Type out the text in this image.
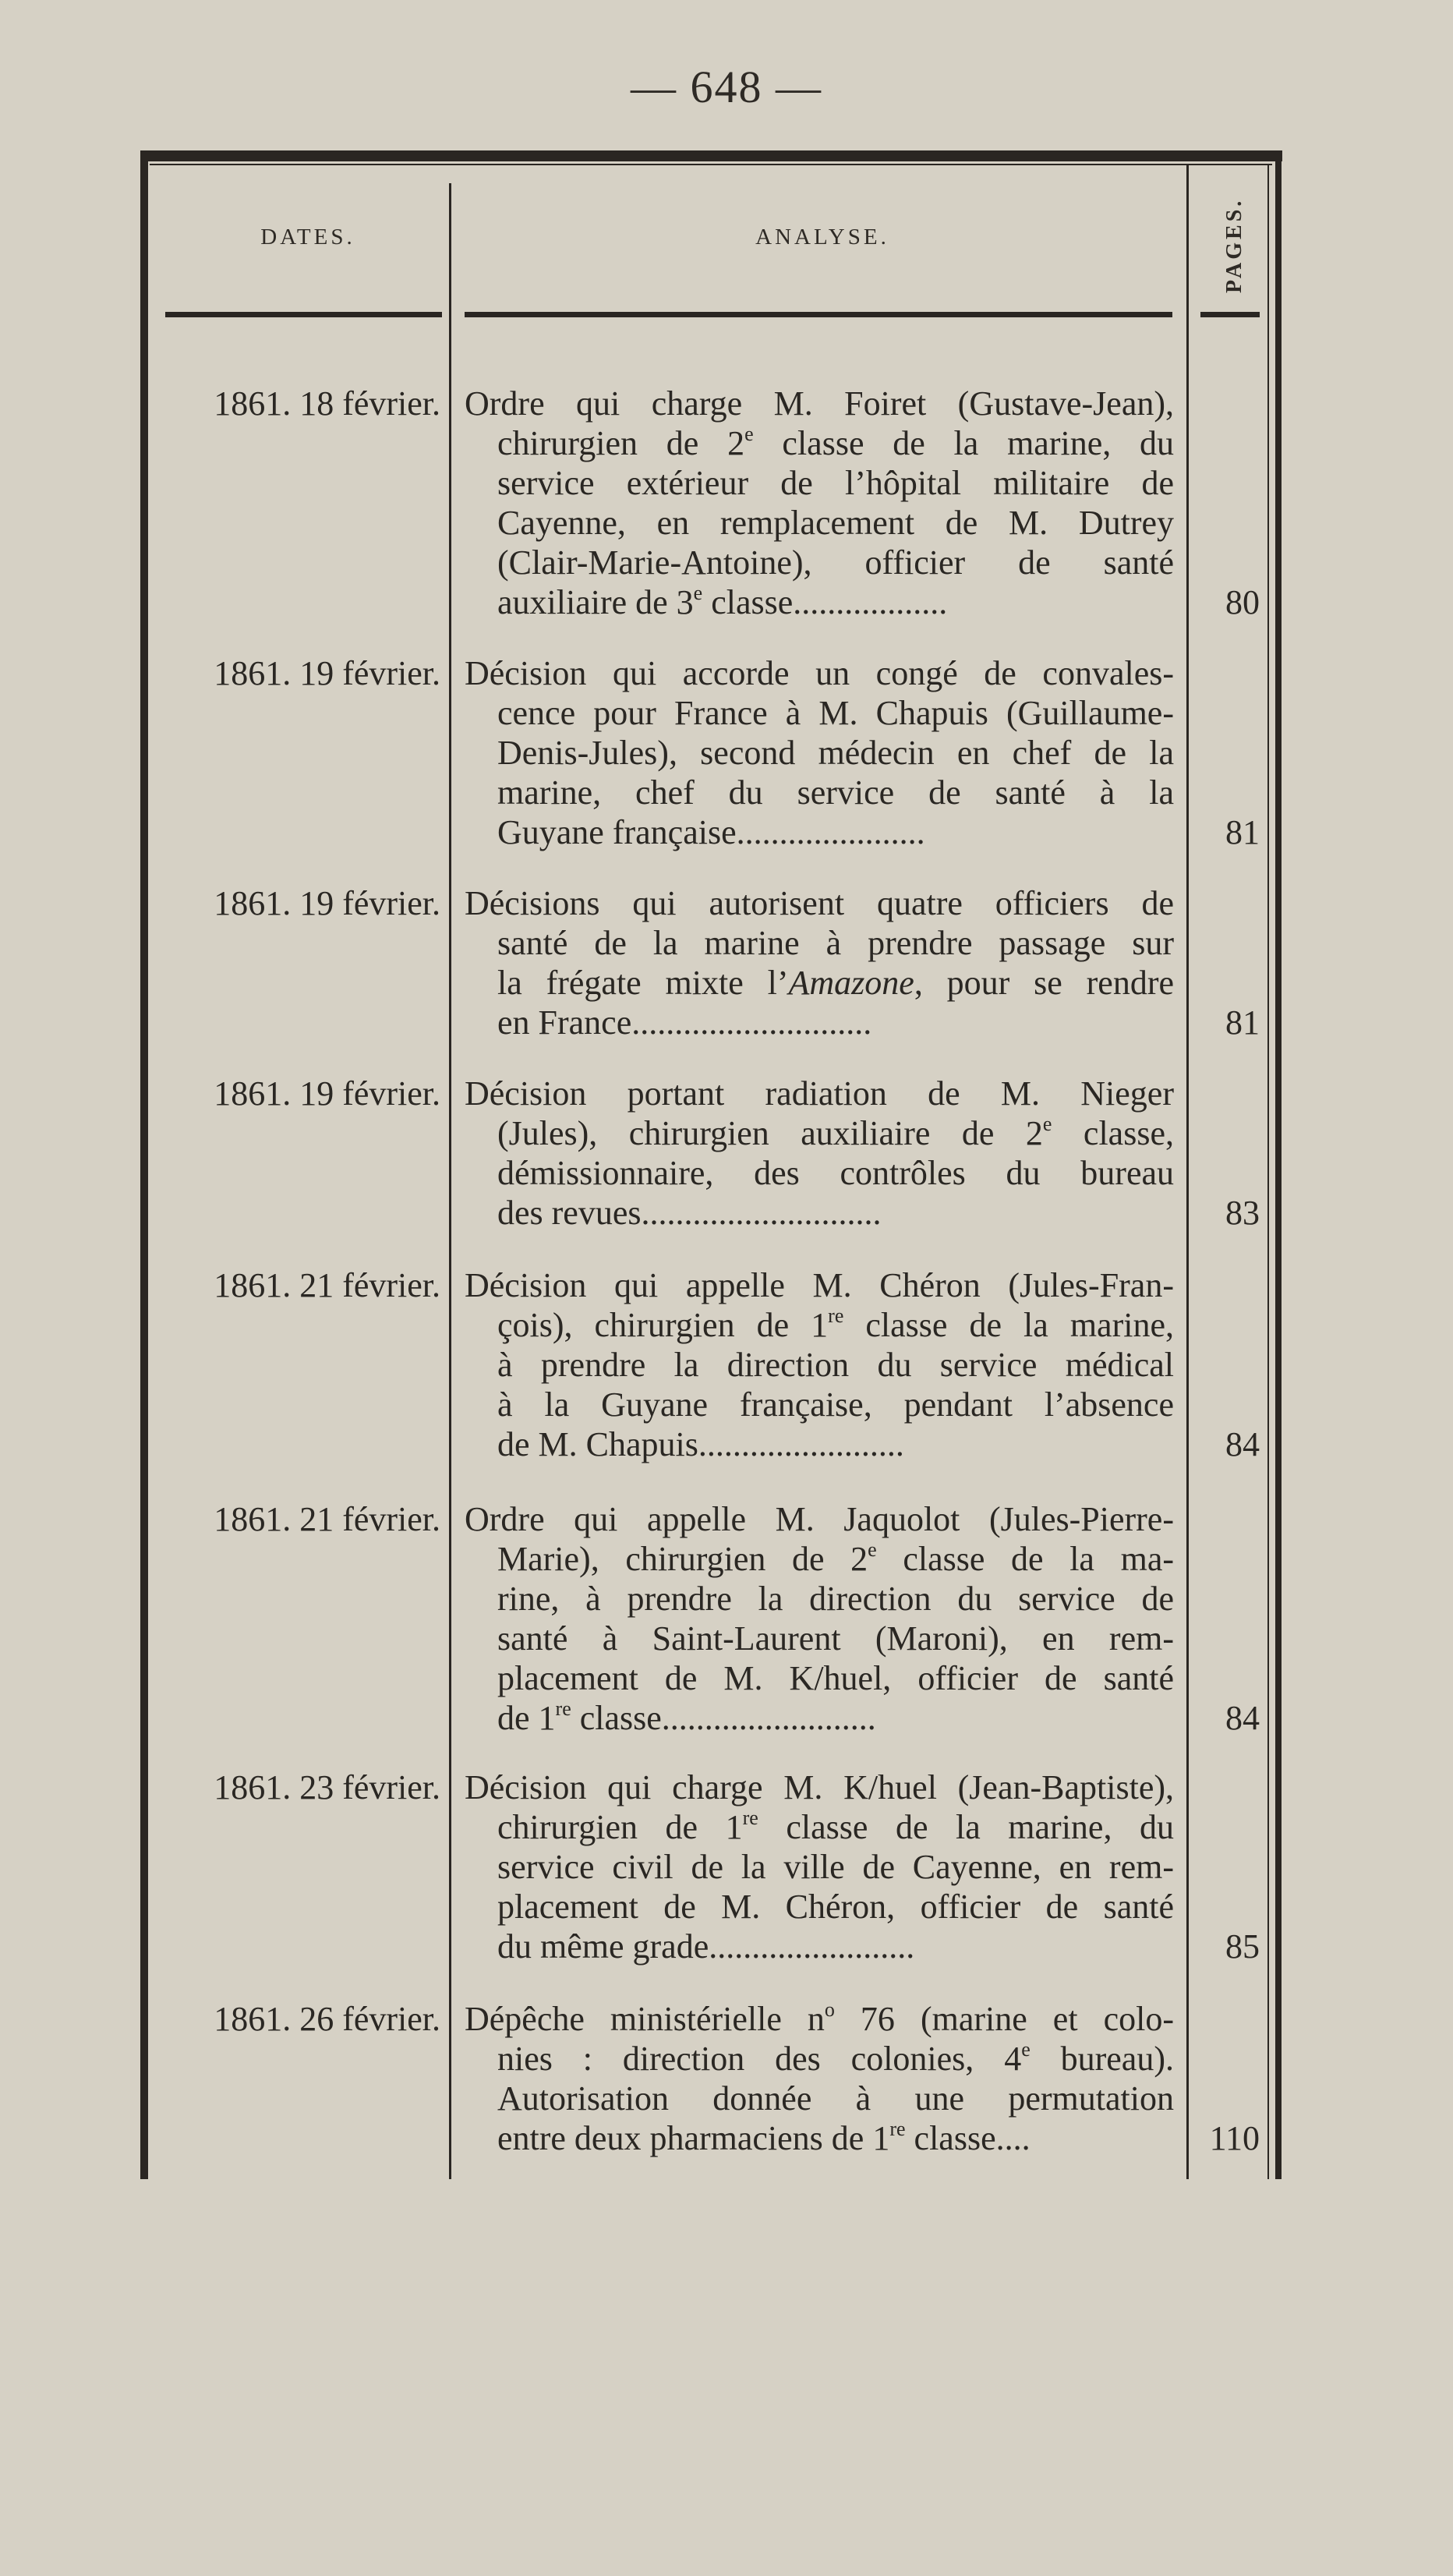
— 648 —
DATES.	ANALYSE.	PAGES.
1861. 18 février. Ordre qui charge M. Foiret (Gustave-Jean),
chirurgien de 2e classe de la marine, du
service extérieur de l’hôpital militaire de
Cayenne, en remplacement de M. Dutrey
(Clair-Marie-Antoine), officier de santé
auxiliaire de 3e classe..................	80
1861. 19 février. Décision qui accorde un congé de convales-
cence pour France à M. Chapuis (Guillaume-
Denis-Jules), second médecin en chef de la
marine, chef du service de santé à la
Guyane française......................	81
1861. 19 février. Décisions qui autorisent quatre officiers de
santé de la marine à prendre passage sur
la frégate mixte l’Amazone, pour se rendre
en France............................	81
1861. 19 février. Décision portant radiation de M. Nieger
(Jules), chirurgien auxiliaire de 2e classe,
démissionnaire, des contrôles du bureau
des revues............................	83
1861. 21 février. Décision qui appelle M. Chéron (Jules-Fran-
çois), chirurgien de 1re classe de la marine,
à prendre la direction du service médical
à la Guyane française, pendant l’absence
de M. Chapuis........................	84
1861. 21 février. Ordre qui appelle M. Jaquolot (Jules-Pierre-
Marie), chirurgien de 2e classe de la ma-
rine, à prendre la direction du service de
santé à Saint-Laurent (Maroni), en rem-
placement de M. K/huel, officier de santé
de 1re classe.........................	84
1861. 23 février. Décision qui charge M. K/huel (Jean-Baptiste),
chirurgien de 1re classe de la marine, du
service civil de la ville de Cayenne, en rem-
placement de M. Chéron, officier de santé
du même grade........................	85
1861. 26 février. Dépêche ministérielle $n^o$ 76 (marine et colo-
nies : direction des colonies, 4e bureau).
Autorisation donnée à une permutation
entre deux pharmaciens de 1re classe....	110
